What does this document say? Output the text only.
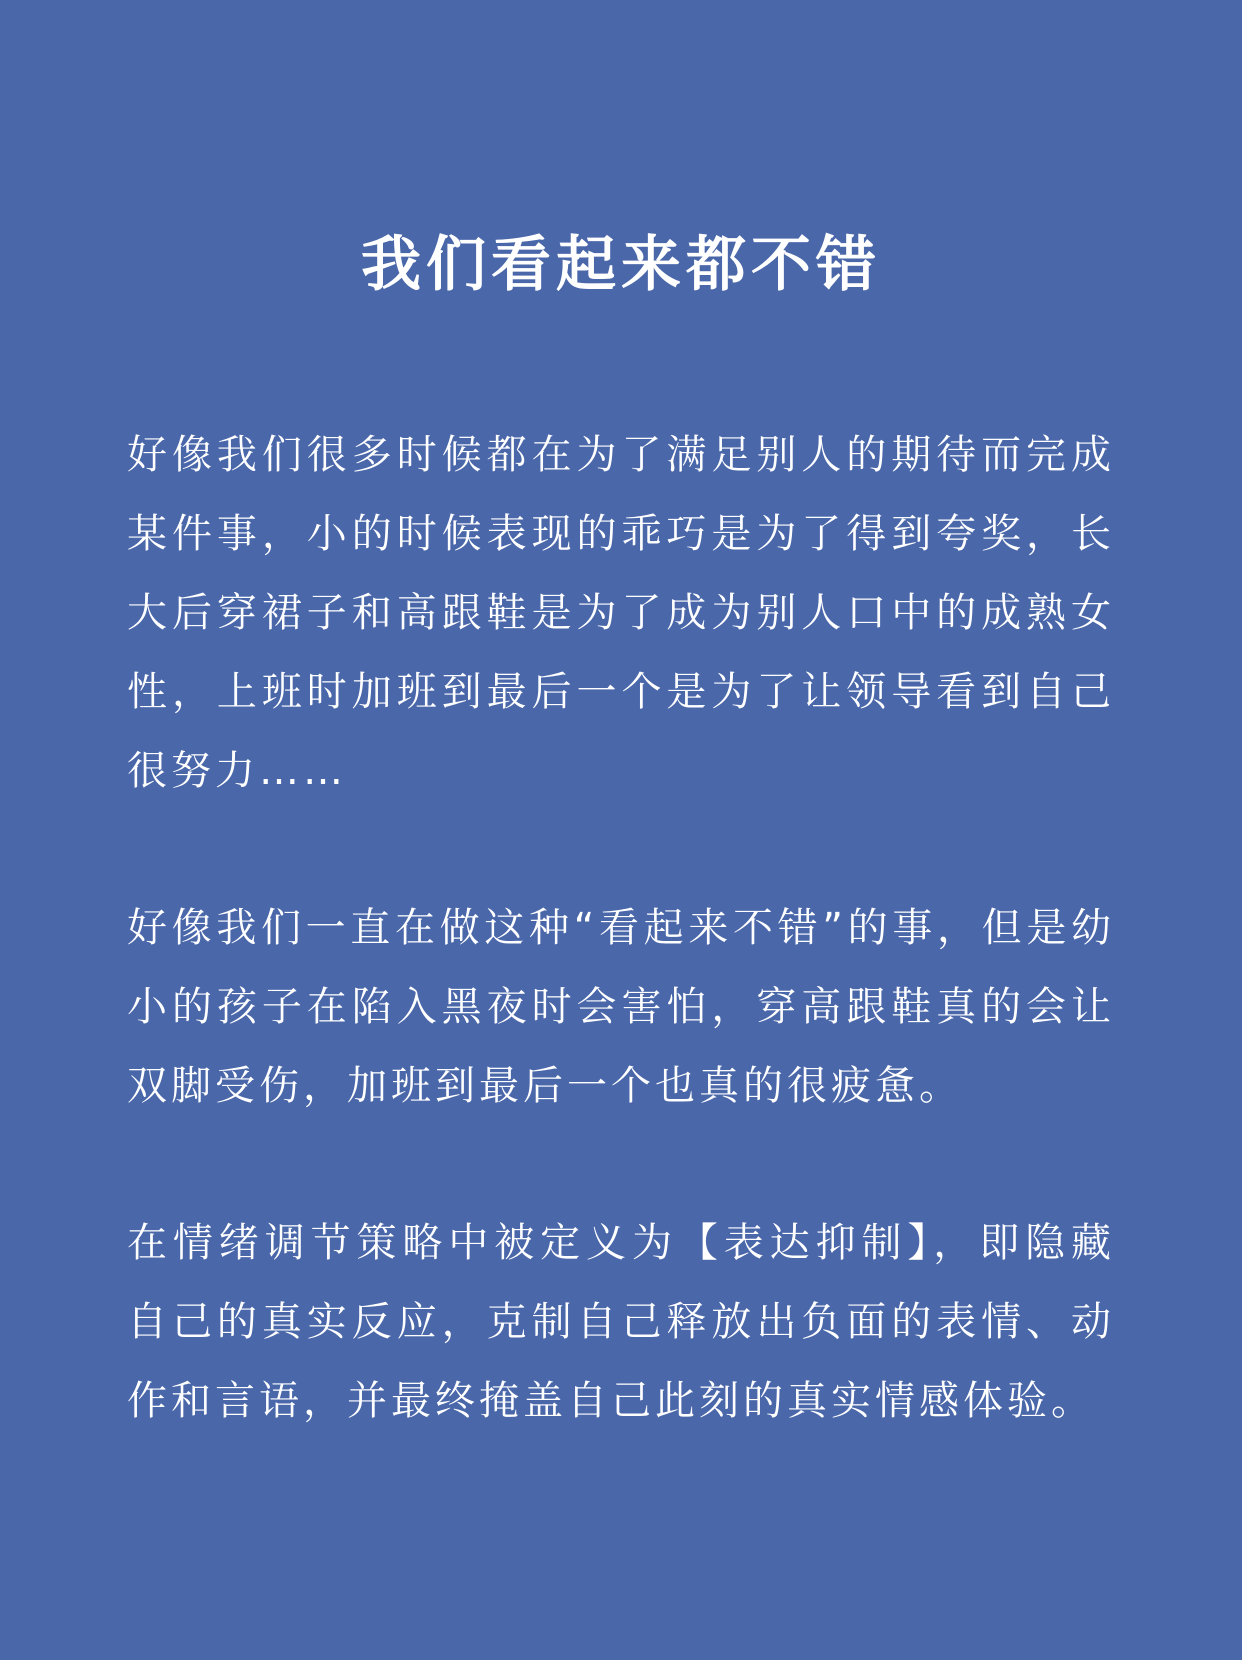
我们看起来都不错

好像我们很多时候都在为了满足别人的期待而完成某件事，小的时候表现的乖巧是为了得到夸奖，长大后穿裙子和高跟鞋是为了成为别人口中的成熟女性，上班时加班到最后一个是为了让领导看到自己很努力……

好像我们一直在做这种“看起来不错”的事，但是幼小的孩子在陷入黑夜时会害怕，穿高跟鞋真的会让双脚受伤，加班到最后一个也真的很疲惫。

在情绪调节策略中被定义为【表达抑制】，即隐藏自己的真实反应，克制自己释放出负面的表情、动作和言语，并最终掩盖自己此刻的真实情感体验。
